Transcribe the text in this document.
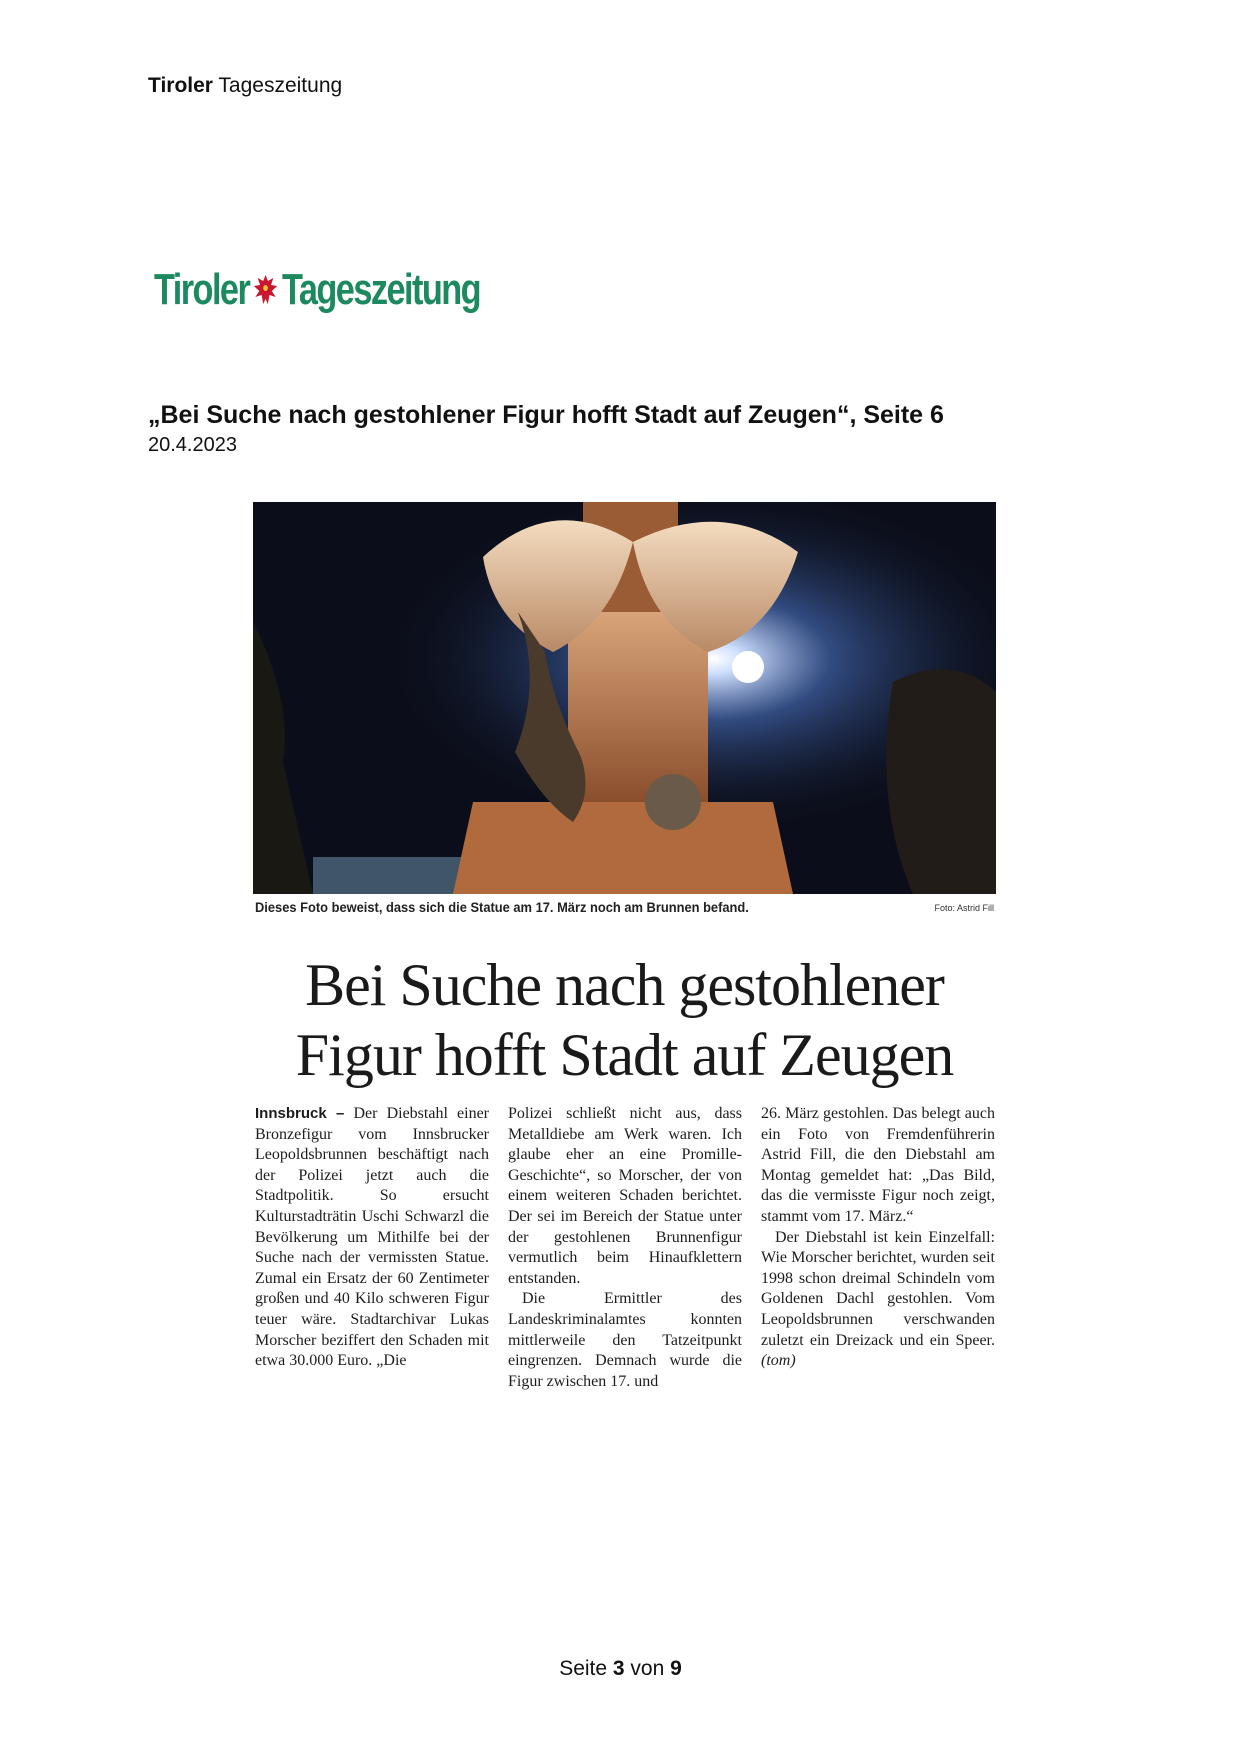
Tiroler Tageszeitung
Tiroler Tageszeitung
„Bei Suche nach gestohlener Figur hofft Stadt auf Zeugen“, Seite 6
20.4.2023
Dieses Foto beweist, dass sich die Statue am 17. März noch am Brunnen befand.	Foto: Astrid Fill
Bei Suche nach gestohlener
Figur hofft Stadt auf Zeugen

Innsbruck – Der Diebstahl einer Bronzefigur vom Innsbrucker Leopoldsbrunnen beschäftigt nach der Polizei jetzt auch die Stadtpolitik. So ersucht Kulturstadträtin Uschi Schwarzl die Bevölkerung um Mithilfe bei der Suche nach der vermissten Statue. Zumal ein Ersatz der 60 Zentimeter großen und 40 Kilo schweren Figur teuer wäre. Stadtarchivar Lukas Morscher beziffert den Schaden mit etwa 30.000 Euro. „Die

Polizei schließt nicht aus, dass Metalldiebe am Werk waren. Ich glaube eher an eine Promille-Geschichte“, so Morscher, der von einem weiteren Schaden berichtet. Der sei im Bereich der Statue unter der gestohlenen Brunnenfigur vermutlich beim Hinaufklettern entstanden.

Die Ermittler des Landeskriminalamtes konnten mittlerweile den Tatzeitpunkt eingrenzen. Demnach wurde die Figur zwischen 17. und

26. März gestohlen. Das belegt auch ein Foto von Fremdenführerin Astrid Fill, die den Diebstahl am Montag gemeldet hat: „Das Bild, das die vermisste Figur noch zeigt, stammt vom 17. März.“

Der Diebstahl ist kein Einzelfall: Wie Morscher berichtet, wurden seit 1998 schon dreimal Schindeln vom Goldenen Dachl gestohlen. Vom Leopoldsbrunnen verschwanden zuletzt ein Dreizack und ein Speer. (tom)

Seite 3 von 9
